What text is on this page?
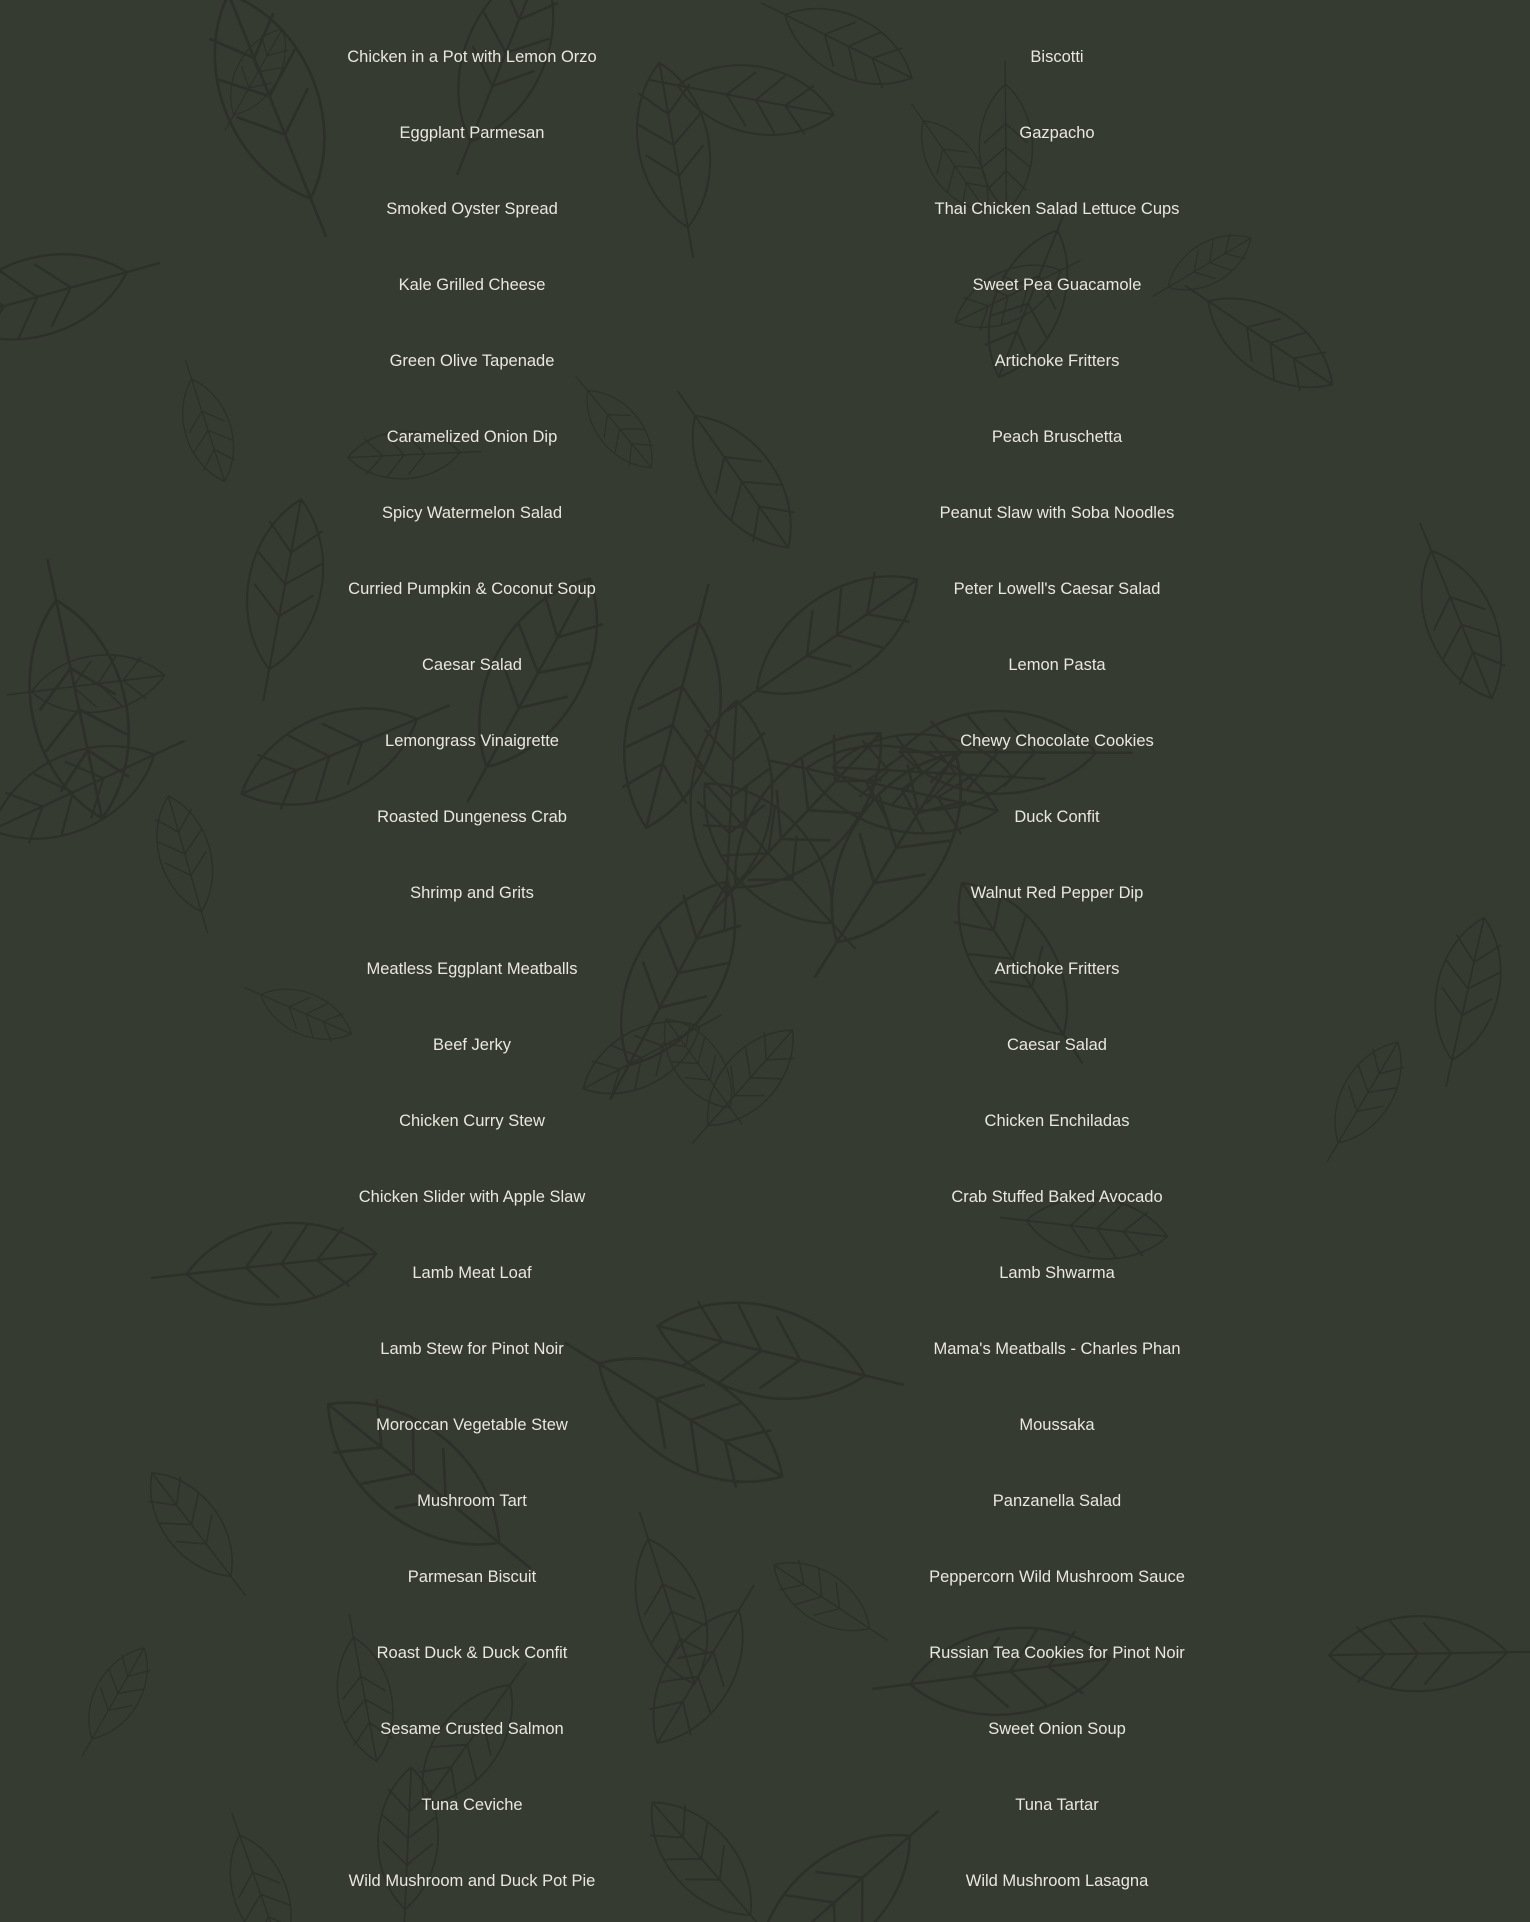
Chicken in a Pot with Lemon Orzo
Eggplant Parmesan
Smoked Oyster Spread
Kale Grilled Cheese
Green Olive Tapenade
Caramelized Onion Dip
Spicy Watermelon Salad
Curried Pumpkin & Coconut Soup
Caesar Salad
Lemongrass Vinaigrette
Roasted Dungeness Crab
Shrimp and Grits
Meatless Eggplant Meatballs
Beef Jerky
Chicken Curry Stew
Chicken Slider with Apple Slaw
Lamb Meat Loaf
Lamb Stew for Pinot Noir
Moroccan Vegetable Stew
Mushroom Tart
Parmesan Biscuit
Roast Duck & Duck Confit
Sesame Crusted Salmon
Tuna Ceviche
Wild Mushroom and Duck Pot Pie
Biscotti
Gazpacho
Thai Chicken Salad Lettuce Cups
Sweet Pea Guacamole
Artichoke Fritters
Peach Bruschetta
Peanut Slaw with Soba Noodles
Peter Lowell's Caesar Salad
Lemon Pasta
Chewy Chocolate Cookies
Duck Confit
Walnut Red Pepper Dip
Artichoke Fritters
Caesar Salad
Chicken Enchiladas
Crab Stuffed Baked Avocado
Lamb Shwarma
Mama's Meatballs - Charles Phan
Moussaka
Panzanella Salad
Peppercorn Wild Mushroom Sauce
Russian Tea Cookies for Pinot Noir
Sweet Onion Soup
Tuna Tartar
Wild Mushroom Lasagna
